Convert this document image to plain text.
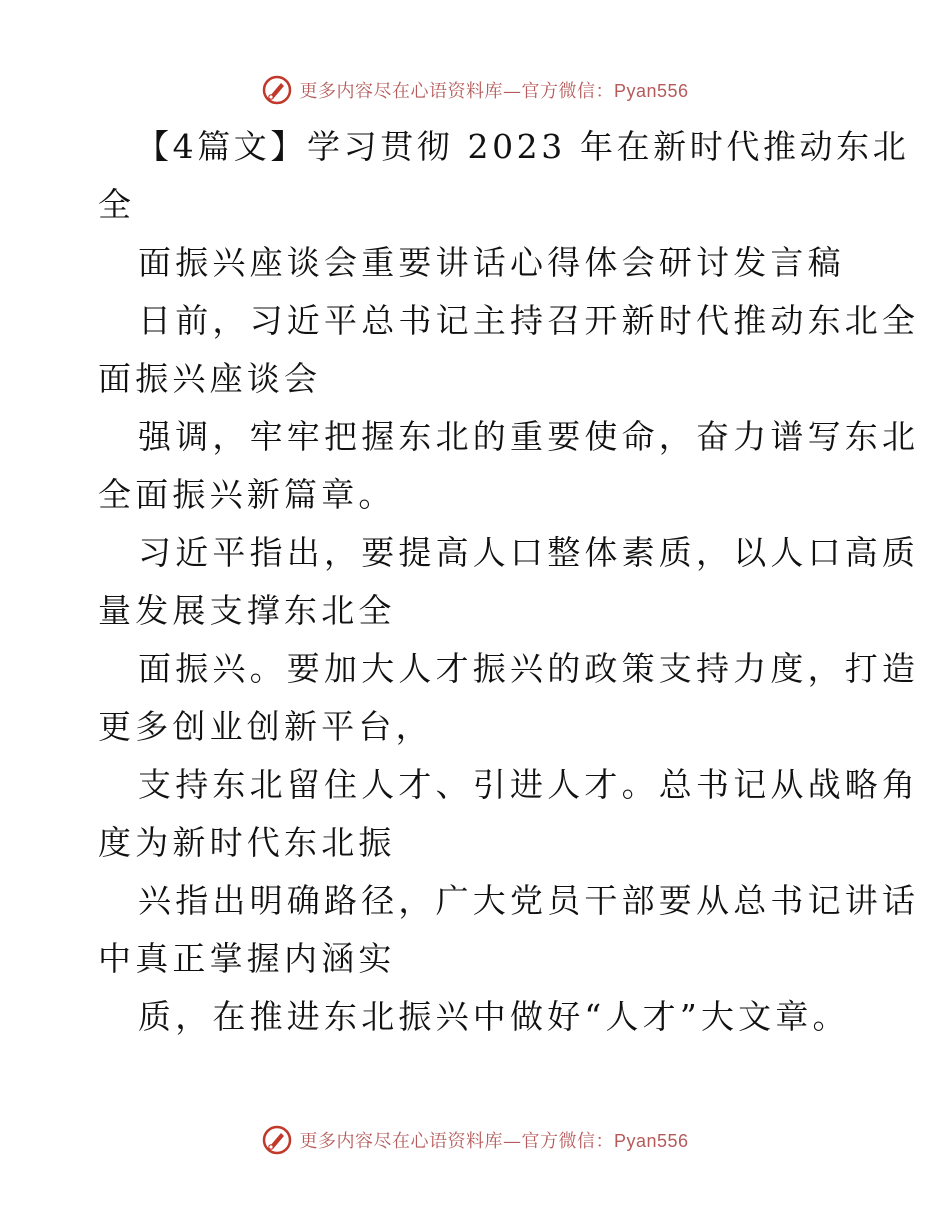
更多内容尽在心语资料库—官方微信：Pyan556
【4篇文】学习贯彻 2023 年在新时代推动东北
全
面振兴座谈会重要讲话心得体会研讨发言稿
日前，习近平总书记主持召开新时代推动东北全
面振兴座谈会
强调，牢牢把握东北的重要使命，奋力谱写东北
全面振兴新篇章。
习近平指出，要提高人口整体素质，以人口高质
量发展支撑东北全
面振兴。要加大人才振兴的政策支持力度，打造
更多创业创新平台，
支持东北留住人才、引进人才。总书记从战略角
度为新时代东北振
兴指出明确路径，广大党员干部要从总书记讲话
中真正掌握内涵实
质，在推进东北振兴中做好“人才”大文章。
更多内容尽在心语资料库—官方微信：Pyan556
